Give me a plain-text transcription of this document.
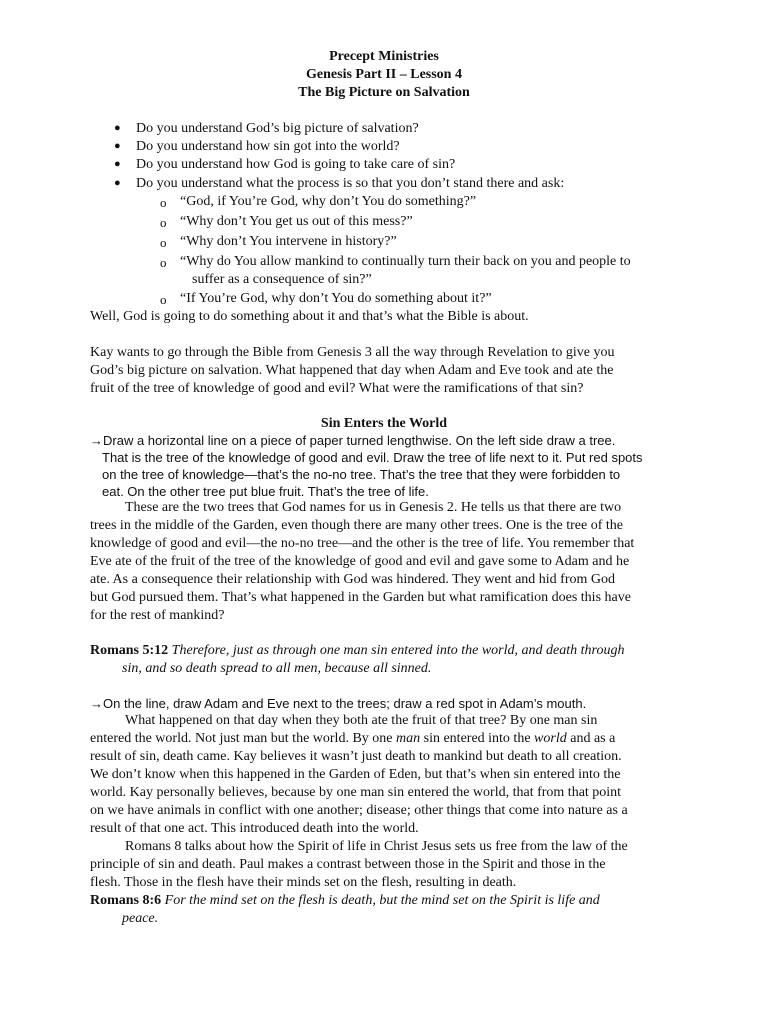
Precept Ministries
Genesis Part II – Lesson 4
The Big Picture on Salvation
● Do you understand God’s big picture of salvation?
● Do you understand how sin got into the world?
● Do you understand how God is going to take care of sin?
● Do you understand what the process is so that you don’t stand there and ask:
o “God, if You’re God, why don’t You do something?”
o “Why don’t You get us out of this mess?”
o “Why don’t You intervene in history?”
o “Why do You allow mankind to continually turn their back on you and people to
suffer as a consequence of sin?”
o “If You’re God, why don’t You do something about it?”
Well, God is going to do something about it and that’s what the Bible is about.
Kay wants to go through the Bible from Genesis 3 all the way through Revelation to give you
God’s big picture on salvation. What happened that day when Adam and Eve took and ate the
fruit of the tree of knowledge of good and evil? What were the ramifications of that sin?
Sin Enters the World
→Draw a horizontal line on a piece of paper turned lengthwise. On the left side draw a tree.
That is the tree of the knowledge of good and evil. Draw the tree of life next to it. Put red spots
on the tree of knowledge—that’s the no-no tree. That’s the tree that they were forbidden to
eat. On the other tree put blue fruit. That’s the tree of life.
These are the two trees that God names for us in Genesis 2. He tells us that there are two
trees in the middle of the Garden, even though there are many other trees. One is the tree of the
knowledge of good and evil—the no-no tree—and the other is the tree of life. You remember that
Eve ate of the fruit of the tree of the knowledge of good and evil and gave some to Adam and he
ate. As a consequence their relationship with God was hindered. They went and hid from God
but God pursued them. That’s what happened in the Garden but what ramification does this have
for the rest of mankind?
Romans 5:12 Therefore, just as through one man sin entered into the world, and death through
sin, and so death spread to all men, because all sinned.
→On the line, draw Adam and Eve next to the trees; draw a red spot in Adam’s mouth.
What happened on that day when they both ate the fruit of that tree? By one man sin
entered the world. Not just man but the world. By one man sin entered into the world and as a
result of sin, death came. Kay believes it wasn’t just death to mankind but death to all creation.
We don’t know when this happened in the Garden of Eden, but that’s when sin entered into the
world. Kay personally believes, because by one man sin entered the world, that from that point
on we have animals in conflict with one another; disease; other things that come into nature as a
result of that one act. This introduced death into the world.
Romans 8 talks about how the Spirit of life in Christ Jesus sets us free from the law of the
principle of sin and death. Paul makes a contrast between those in the Spirit and those in the
flesh. Those in the flesh have their minds set on the flesh, resulting in death.
Romans 8:6 For the mind set on the flesh is death, but the mind set on the Spirit is life and
peace.
